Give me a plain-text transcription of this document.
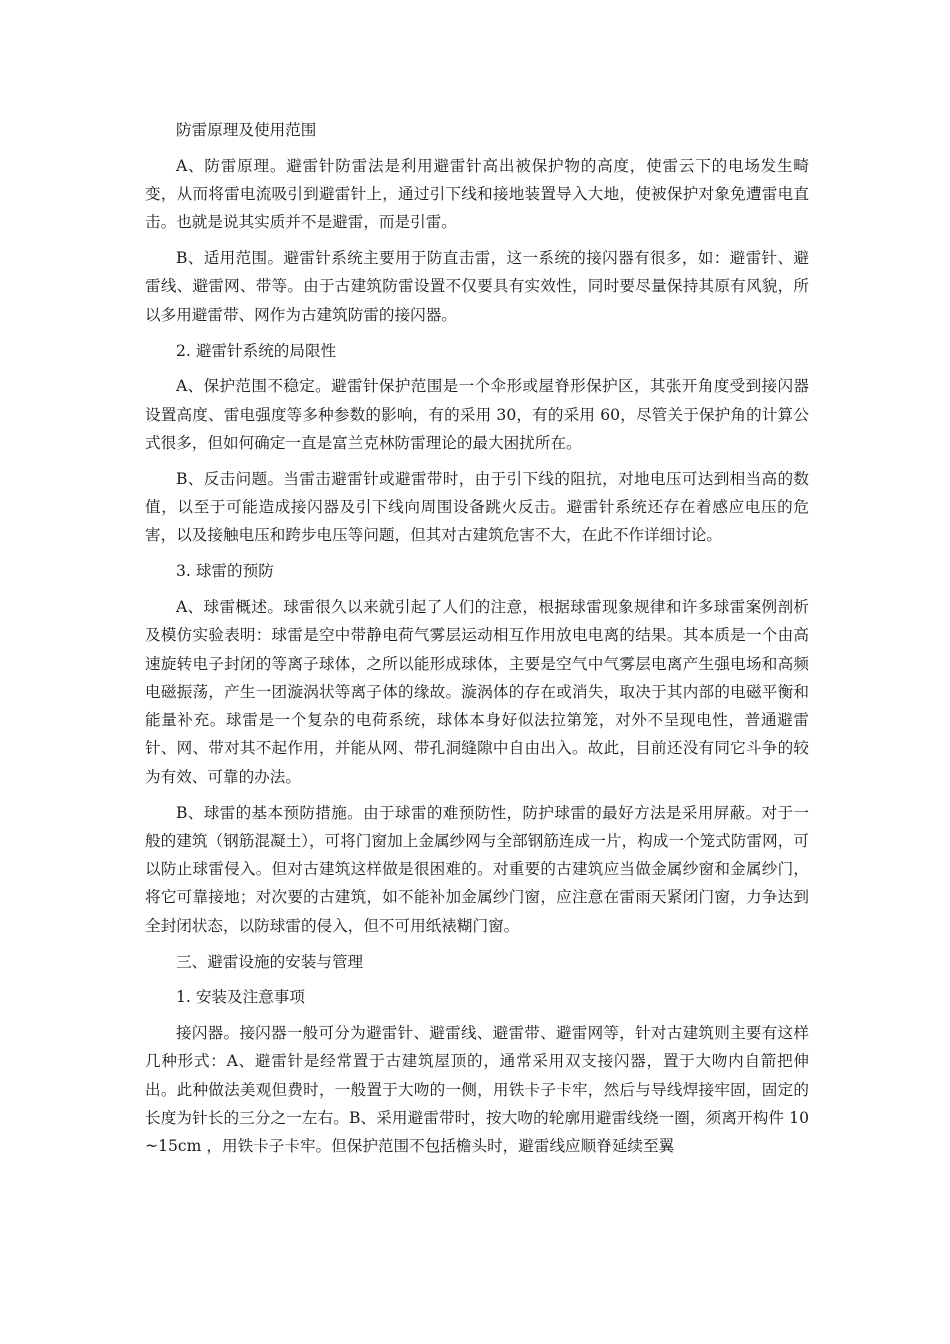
防雷原理及使用范围

A、防雷原理。避雷针防雷法是利用避雷针高出被保护物的高度，使雷云下的电场发生畸变，从而将雷电流吸引到避雷针上，通过引下线和接地装置导入大地，使被保护对象免遭雷电直击。也就是说其实质并不是避雷，而是引雷。

B、适用范围。避雷针系统主要用于防直击雷，这一系统的接闪器有很多，如：避雷针、避雷线、避雷网、带等。由于古建筑防雷设置不仅要具有实效性，同时要尽量保持其原有风貌，所以多用避雷带、网作为古建筑防雷的接闪器。

2. 避雷针系统的局限性

A、保护范围不稳定。避雷针保护范围是一个伞形或屋脊形保护区，其张开角度受到接闪器设置高度、雷电强度等多种参数的影响，有的采用 30，有的采用 60，尽管关于保护角的计算公式很多，但如何确定一直是富兰克林防雷理论的最大困扰所在。

B、反击问题。当雷击避雷针或避雷带时，由于引下线的阻抗，对地电压可达到相当高的数值，以至于可能造成接闪器及引下线向周围设备跳火反击。避雷针系统还存在着感应电压的危害，以及接触电压和跨步电压等问题，但其对古建筑危害不大，在此不作详细讨论。

3. 球雷的预防

A、球雷概述。球雷很久以来就引起了人们的注意，根据球雷现象规律和许多球雷案例剖析及模仿实验表明：球雷是空中带静电荷气雾层运动相互作用放电电离的结果。其本质是一个由高速旋转电子封闭的等离子球体，之所以能形成球体，主要是空气中气雾层电离产生强电场和高频电磁振荡，产生一团漩涡状等离子体的缘故。漩涡体的存在或消失，取决于其内部的电磁平衡和能量补充。球雷是一个复杂的电荷系统，球体本身好似法拉第笼，对外不呈现电性，普通避雷针、网、带对其不起作用，并能从网、带孔洞缝隙中自由出入。故此，目前还没有同它斗争的较为有效、可靠的办法。

B、球雷的基本预防措施。由于球雷的难预防性，防护球雷的最好方法是采用屏蔽。对于一般的建筑（钢筋混凝土），可将门窗加上金属纱网与全部钢筋连成一片，构成一个笼式防雷网，可以防止球雷侵入。但对古建筑这样做是很困难的。对重要的古建筑应当做金属纱窗和金属纱门，将它可靠接地；对次要的古建筑，如不能补加金属纱门窗，应注意在雷雨天紧闭门窗，力争达到全封闭状态，以防球雷的侵入，但不可用纸裱糊门窗。

三、避雷设施的安装与管理

1. 安装及注意事项

接闪器。接闪器一般可分为避雷针、避雷线、避雷带、避雷网等，针对古建筑则主要有这样几种形式：A、避雷针是经常置于古建筑屋顶的，通常采用双支接闪器，置于大吻内自箭把伸出。此种做法美观但费时，一般置于大吻的一侧，用铁卡子卡牢，然后与导线焊接牢固，固定的长度为针长的三分之一左右。B、采用避雷带时，按大吻的轮廓用避雷线绕一圈，须离开构件 10~15cm ，用铁卡子卡牢。但保护范围不包括檐头时，避雷线应顺脊延续至翼
